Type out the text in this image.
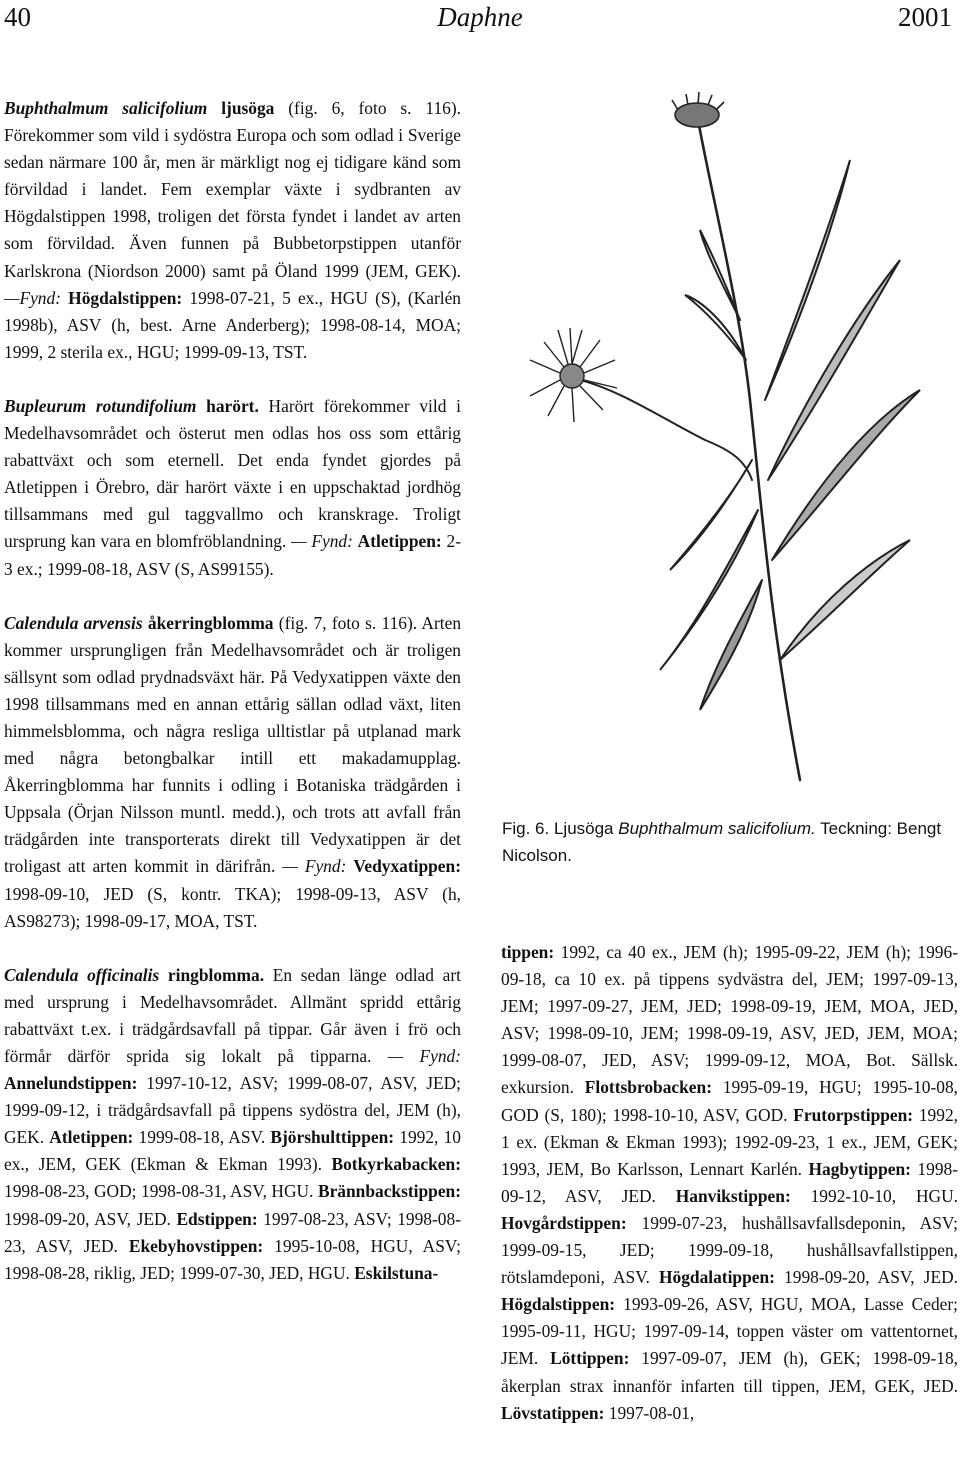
Daphne
40	2001

Buphthalmum salicifolium ljusöga (fig. 6, foto s. 116). Förekommer som vild i sydöstra Europa och som odlad i Sverige sedan närmare 100 år, men är märkligt nog ej tidigare känd som förvildad i landet. Fem exemplar växte i sydbranten av Högdalstippen 1998, troligen det första fyndet i landet av arten som förvildad. Även funnen på Bubbetorpstippen utanför Karlskrona (Niordson 2000) samt på Öland 1999 (JEM, GEK). —Fynd: Högdalstippen: 1998-07-21, 5 ex., HGU (S), (Karlén 1998b), ASV (h, best. Arne Anderberg); 1998-08-14, MOA; 1999, 2 sterila ex., HGU; 1999-09-13, TST.

Bupleurum rotundifolium harört. Harört förekommer vild i Medelhavsområdet och österut men odlas hos oss som ettårig rabattväxt och som eternell. Det enda fyndet gjordes på Atletippen i Örebro, där harört växte i en uppschaktad jordhög tillsammans med gul taggvallmo och kranskrage. Troligt ursprung kan vara en blomfröblandning. — Fynd: Atletippen: 2-3 ex.; 1999-08-18, ASV (S, AS99155).

Calendula arvensis åkerringblomma (fig. 7, foto s. 116). Arten kommer ursprungligen från Medelhavsområdet och är troligen sällsynt som odlad prydnadsväxt här. På Vedyxatippen växte den 1998 tillsammans med en annan ettårig sällan odlad växt, liten himmelsblomma, och några resliga ulltistlar på utplanad mark med några betongbalkar intill ett makadamupplag. Åkerringblomma har funnits i odling i Botaniska trädgården i Uppsala (Örjan Nilsson muntl. medd.), och trots att avfall från trädgården inte transporterats direkt till Vedyxatippen är det troligast att arten kommit in därifrån. — Fynd: Vedyxatippen: 1998-09-10, JED (S, kontr. TKA); 1998-09-13, ASV (h, AS98273); 1998-09-17, MOA, TST.

Calendula officinalis ringblomma. En sedan länge odlad art med ursprung i Medelhavsområdet. Allmänt spridd ettårig rabattväxt t.ex. i trädgårdsavfall på tippar. Går även i frö och förmår därför sprida sig lokalt på tipparna. — Fynd: Annelundstippen: 1997-10-12, ASV; 1999-08-07, ASV, JED; 1999-09-12, i trädgårdsavfall på tippens sydöstra del, JEM (h), GEK. Atletippen: 1999-08-18, ASV. Björshulttippen: 1992, 10 ex., JEM, GEK (Ekman & Ekman 1993). Botkyrkabacken: 1998-08-23, GOD; 1998-08-31, ASV, HGU. Brännbackstippen: 1998-09-20, ASV, JED. Edstippen: 1997-08-23, ASV; 1998-08-23, ASV, JED. Ekebyhovstippen: 1995-10-08, HGU, ASV; 1998-08-28, riklig, JED; 1999-07-30, JED, HGU. Eskilstuna-

Fig. 6. Ljusöga Buphthalmum salicifolium. Teckning: Bengt Nicolson.

tippen: 1992, ca 40 ex., JEM (h); 1995-09-22, JEM (h); 1996-09-18, ca 10 ex. på tippens sydvästra del, JEM; 1997-09-13, JEM; 1997-09-27, JEM, JED; 1998-09-19, JEM, MOA, JED, ASV; 1998-09-10, JEM; 1998-09-19, ASV, JED, JEM, MOA; 1999-08-07, JED, ASV; 1999-09-12, MOA, Bot. Sällsk. exkursion. Flottsbrobacken: 1995-09-19, HGU; 1995-10-08, GOD (S, 180); 1998-10-10, ASV, GOD. Frutorpstippen: 1992, 1 ex. (Ekman & Ekman 1993); 1992-09-23, 1 ex., JEM, GEK; 1993, JEM, Bo Karlsson, Lennart Karlén. Hagbytippen: 1998-09-12, ASV, JED. Hanvikstippen: 1992-10-10, HGU. Hovgårdstippen: 1999-07-23, hushållsavfallsdeponin, ASV; 1999-09-15, JED; 1999-09-18, hushållsavfallstippen, rötslamdeponi, ASV. Högdalatippen: 1998-09-20, ASV, JED. Högdalstippen: 1993-09-26, ASV, HGU, MOA, Lasse Ceder; 1995-09-11, HGU; 1997-09-14, toppen väster om vattentornet, JEM. Löttippen: 1997-09-07, JEM (h), GEK; 1998-09-18, åkerplan strax innanför infarten till tippen, JEM, GEK, JED. Lövstatippen: 1997-08-01,
